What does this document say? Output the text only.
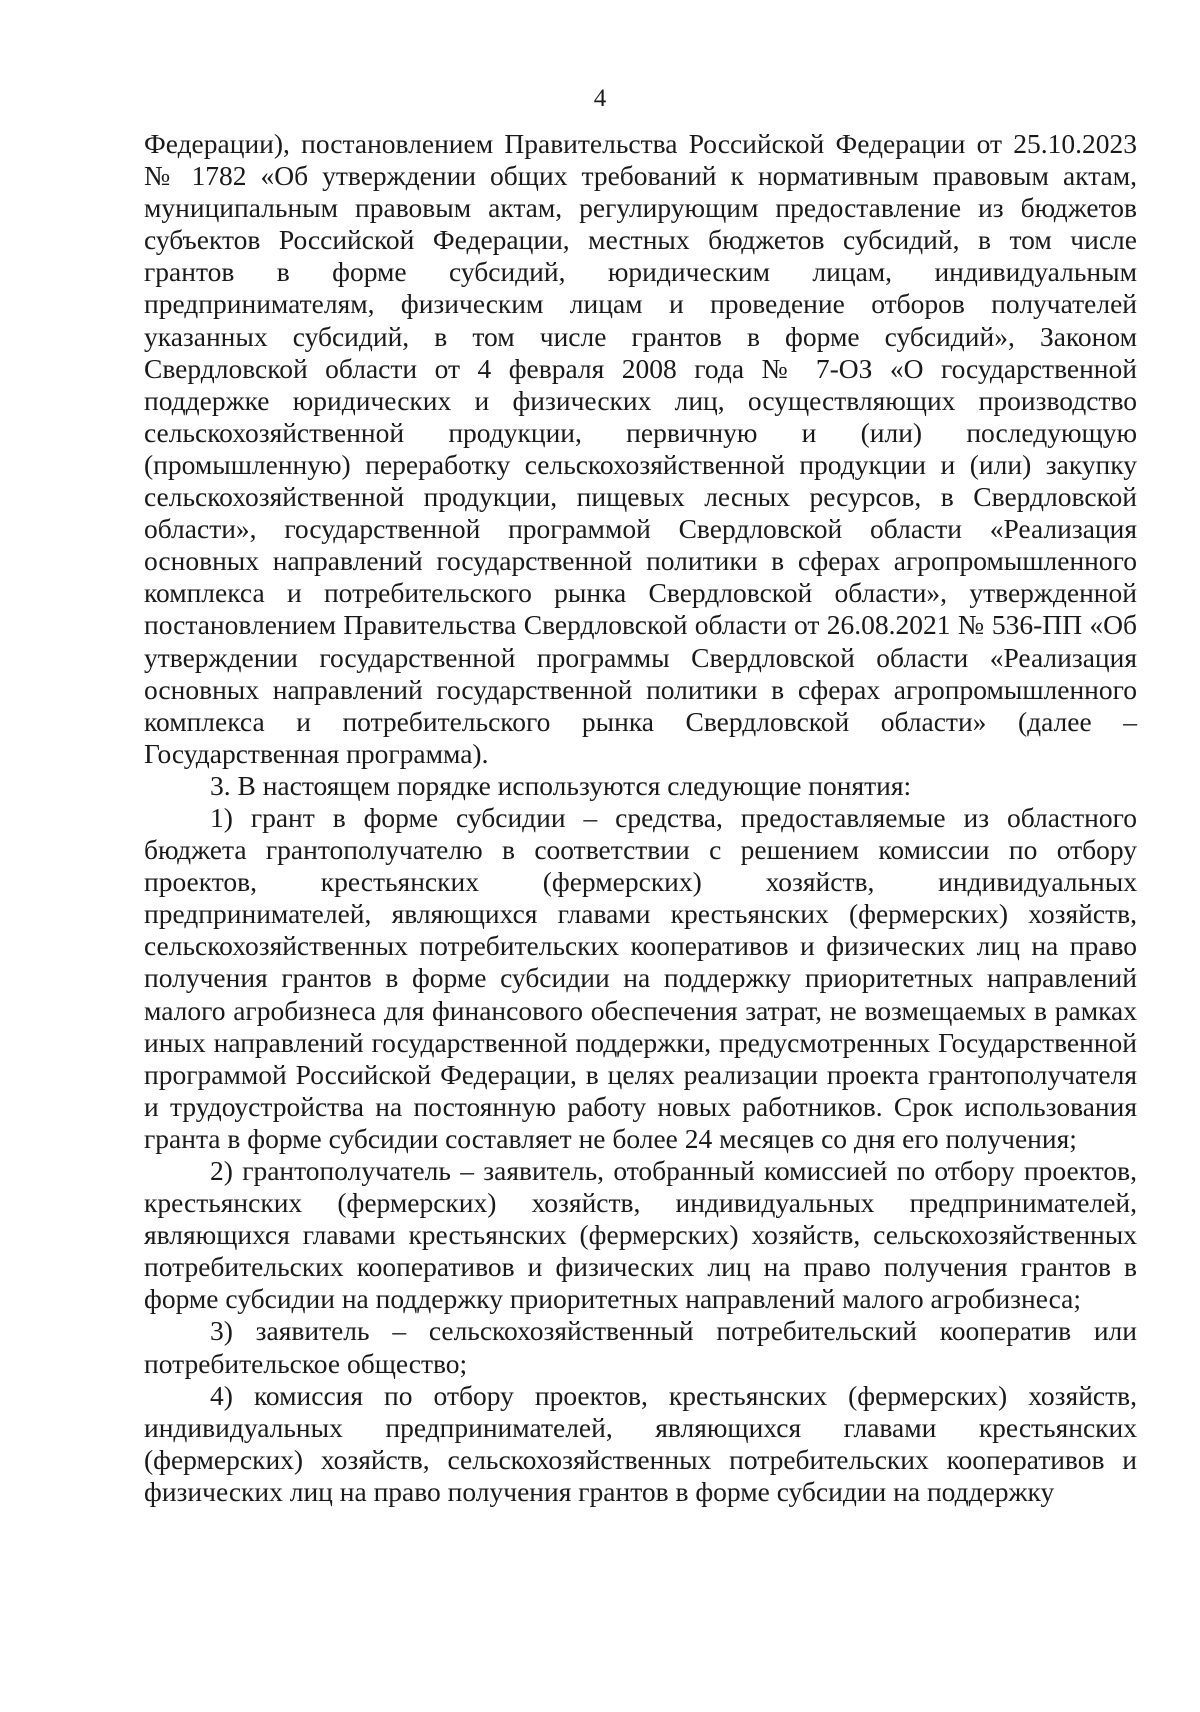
4

Федерации), постановлением Правительства Российской Федерации от 25.10.2023 № 1782 «Об утверждении общих требований к нормативным правовым актам, муниципальным правовым актам, регулирующим предоставление из бюджетов субъектов Российской Федерации, местных бюджетов субсидий, в том числе грантов в форме субсидий, юридическим лицам, индивидуальным предпринимателям, физическим лицам и проведение отборов получателей указанных субсидий, в том числе грантов в форме субсидий», Законом Свердловской области от 4 февраля 2008 года № 7-ОЗ «О государственной поддержке юридических и физических лиц, осуществляющих производство сельскохозяйственной продукции, первичную и (или) последующую (промышленную) переработку сельскохозяйственной продукции и (или) закупку сельскохозяйственной продукции, пищевых лесных ресурсов, в Свердловской области», государственной программой Свердловской области «Реализация основных направлений государственной политики в сферах агропромышленного комплекса и потребительского рынка Свердловской области», утвержденной постановлением Правительства Свердловской области от 26.08.2021 № 536-ПП «Об утверждении государственной программы Свердловской области «Реализация основных направлений государственной политики в сферах агропромышленного комплекса и потребительского рынка Свердловской области» (далее – Государственная программа).

3. В настоящем порядке используются следующие понятия:

1) грант в форме субсидии – средства, предоставляемые из областного бюджета грантополучателю в соответствии с решением комиссии по отбору проектов, крестьянских (фермерских) хозяйств, индивидуальных предпринимателей, являющихся главами крестьянских (фермерских) хозяйств, сельскохозяйственных потребительских кооперативов и физических лиц на право получения грантов в форме субсидии на поддержку приоритетных направлений малого агробизнеса для финансового обеспечения затрат, не возмещаемых в рамках иных направлений государственной поддержки, предусмотренных Государственной программой Российской Федерации, в целях реализации проекта грантополучателя и трудоустройства на постоянную работу новых работников. Срок использования гранта в форме субсидии составляет не более 24 месяцев со дня его получения;

2) грантополучатель – заявитель, отобранный комиссией по отбору проектов, крестьянских (фермерских) хозяйств, индивидуальных предпринимателей, являющихся главами крестьянских (фермерских) хозяйств, сельскохозяйственных потребительских кооперативов и физических лиц на право получения грантов в форме субсидии на поддержку приоритетных направлений малого агробизнеса;

3) заявитель – сельскохозяйственный потребительский кооператив или потребительское общество;

4) комиссия по отбору проектов, крестьянских (фермерских) хозяйств, индивидуальных предпринимателей, являющихся главами крестьянских (фермерских) хозяйств, сельскохозяйственных потребительских кооперативов и физических лиц на право получения грантов в форме субсидии на поддержку
